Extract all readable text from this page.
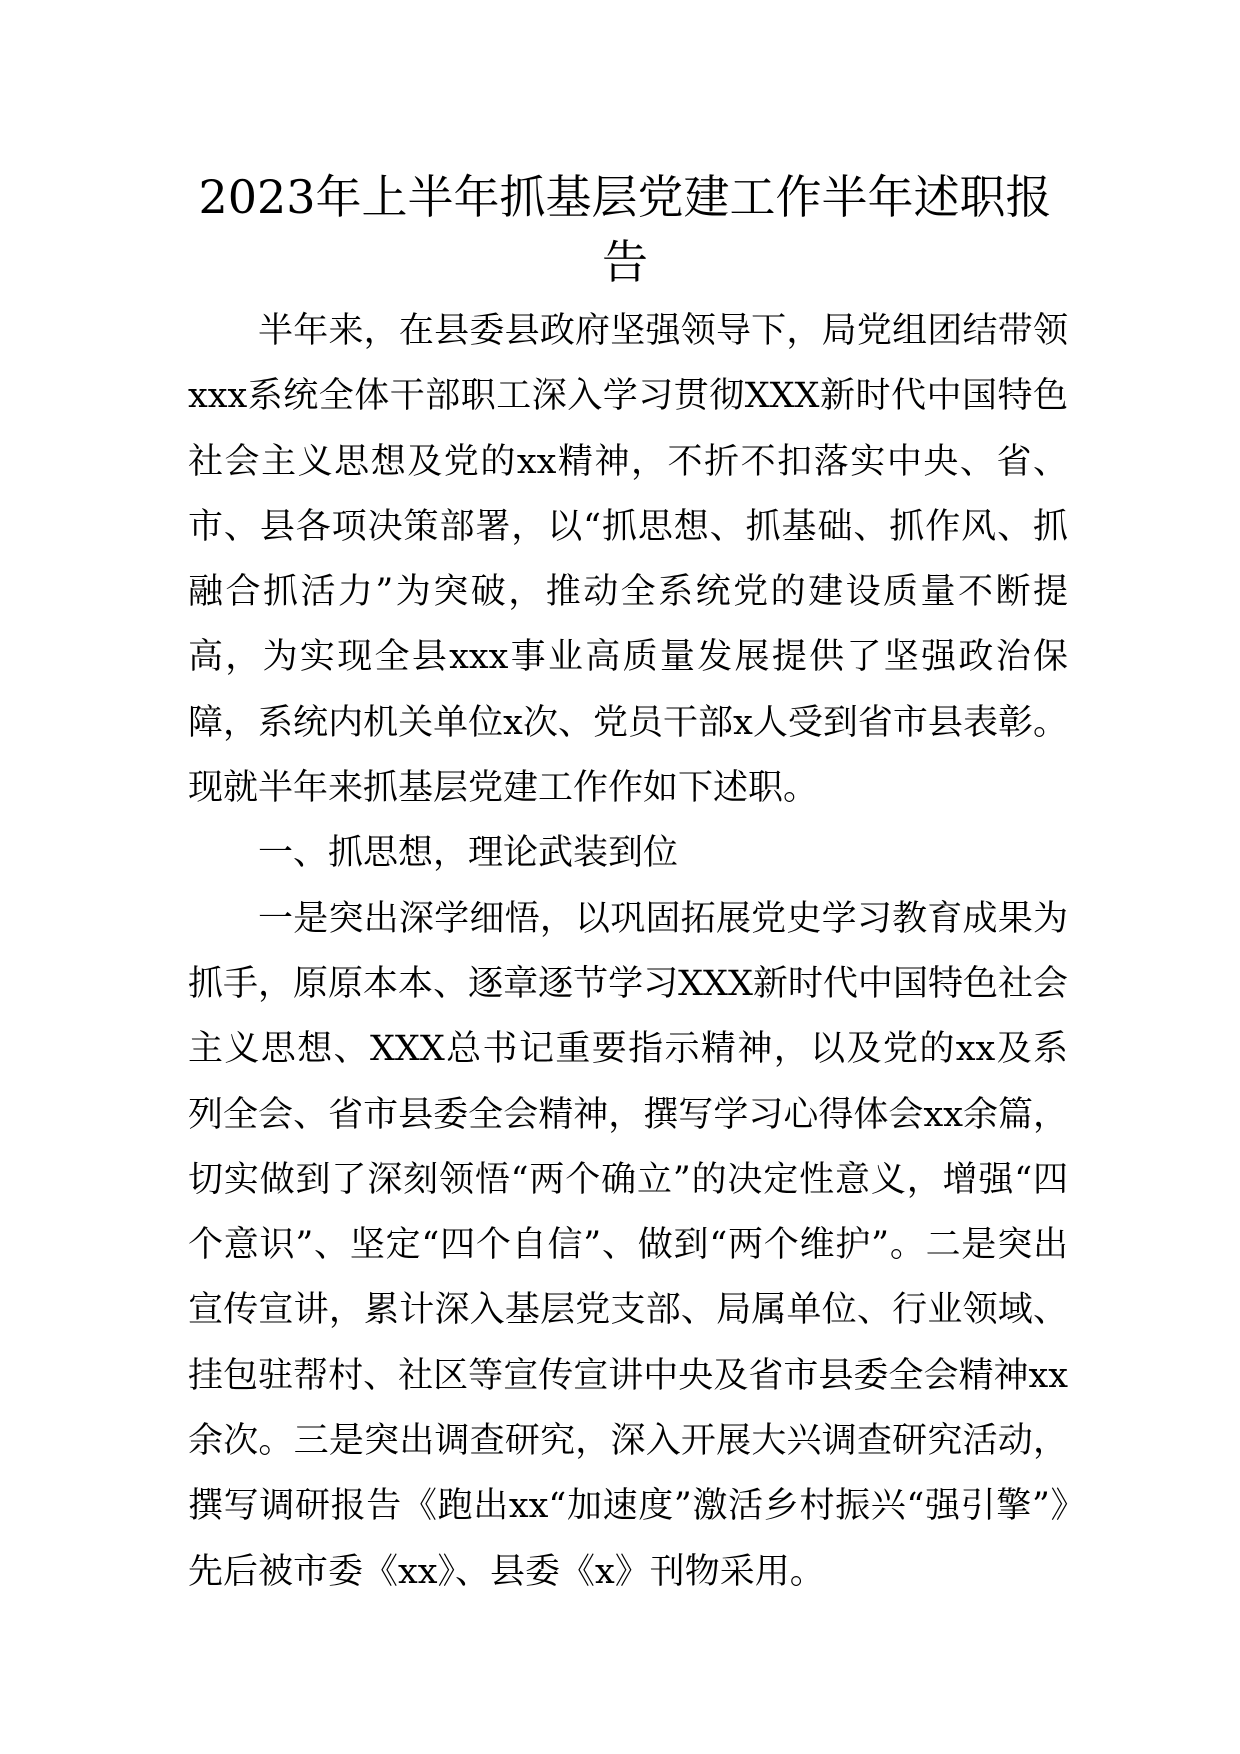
2023年上半年抓基层党建工作半年述职报告

半年来，在县委县政府坚强领导下，局党组团结带领xxx系统全体干部职工深入学习贯彻XXX新时代中国特色社会主义思想及党的xx精神，不折不扣落实中央、省、市、县各项决策部署，以“抓思想、抓基础、抓作风、抓融合抓活力”为突破，推动全系统党的建设质量不断提高，为实现全县xxx事业高质量发展提供了坚强政治保障，系统内机关单位x次、党员干部x人受到省市县表彰。现就半年来抓基层党建工作作如下述职。

一、抓思想，理论武装到位

一是突出深学细悟，以巩固拓展党史学习教育成果为抓手，原原本本、逐章逐节学习XXX新时代中国特色社会主义思想、XXX总书记重要指示精神，以及党的xx及系列全会、省市县委全会精神，撰写学习心得体会xx余篇，切实做到了深刻领悟“两个确立”的决定性意义，增强“四个意识”、坚定“四个自信”、做到“两个维护”。二是突出宣传宣讲，累计深入基层党支部、局属单位、行业领域、挂包驻帮村、社区等宣传宣讲中央及省市县委全会精神xx余次。三是突出调查研究，深入开展大兴调查研究活动，撰写调研报告《跑出xx“加速度”激活乡村振兴“强引擎”》先后被市委《xx》、县委《x》刊物采用。
